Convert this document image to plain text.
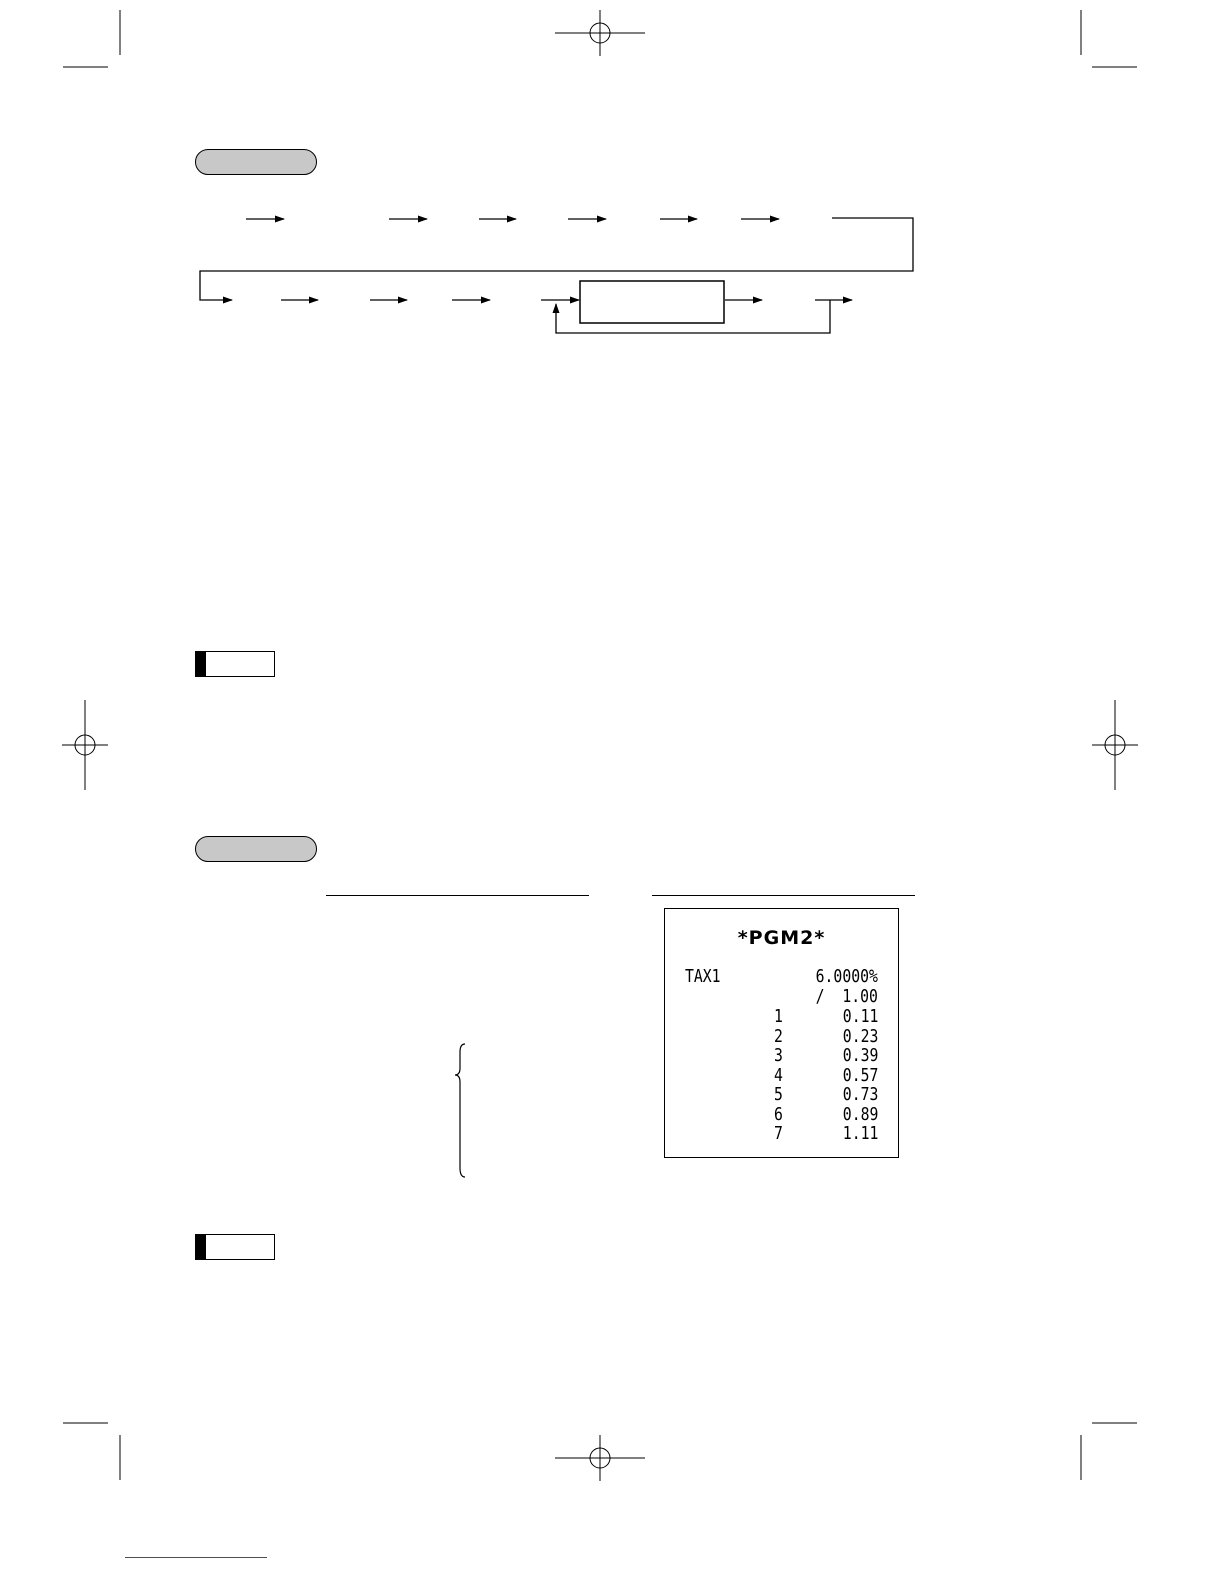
*PGM2*
TAX1	6.0000%
/  1.00
1	0.11
2	0.23
3	0.39
4	0.57
5	0.73
6	0.89
7	1.11
